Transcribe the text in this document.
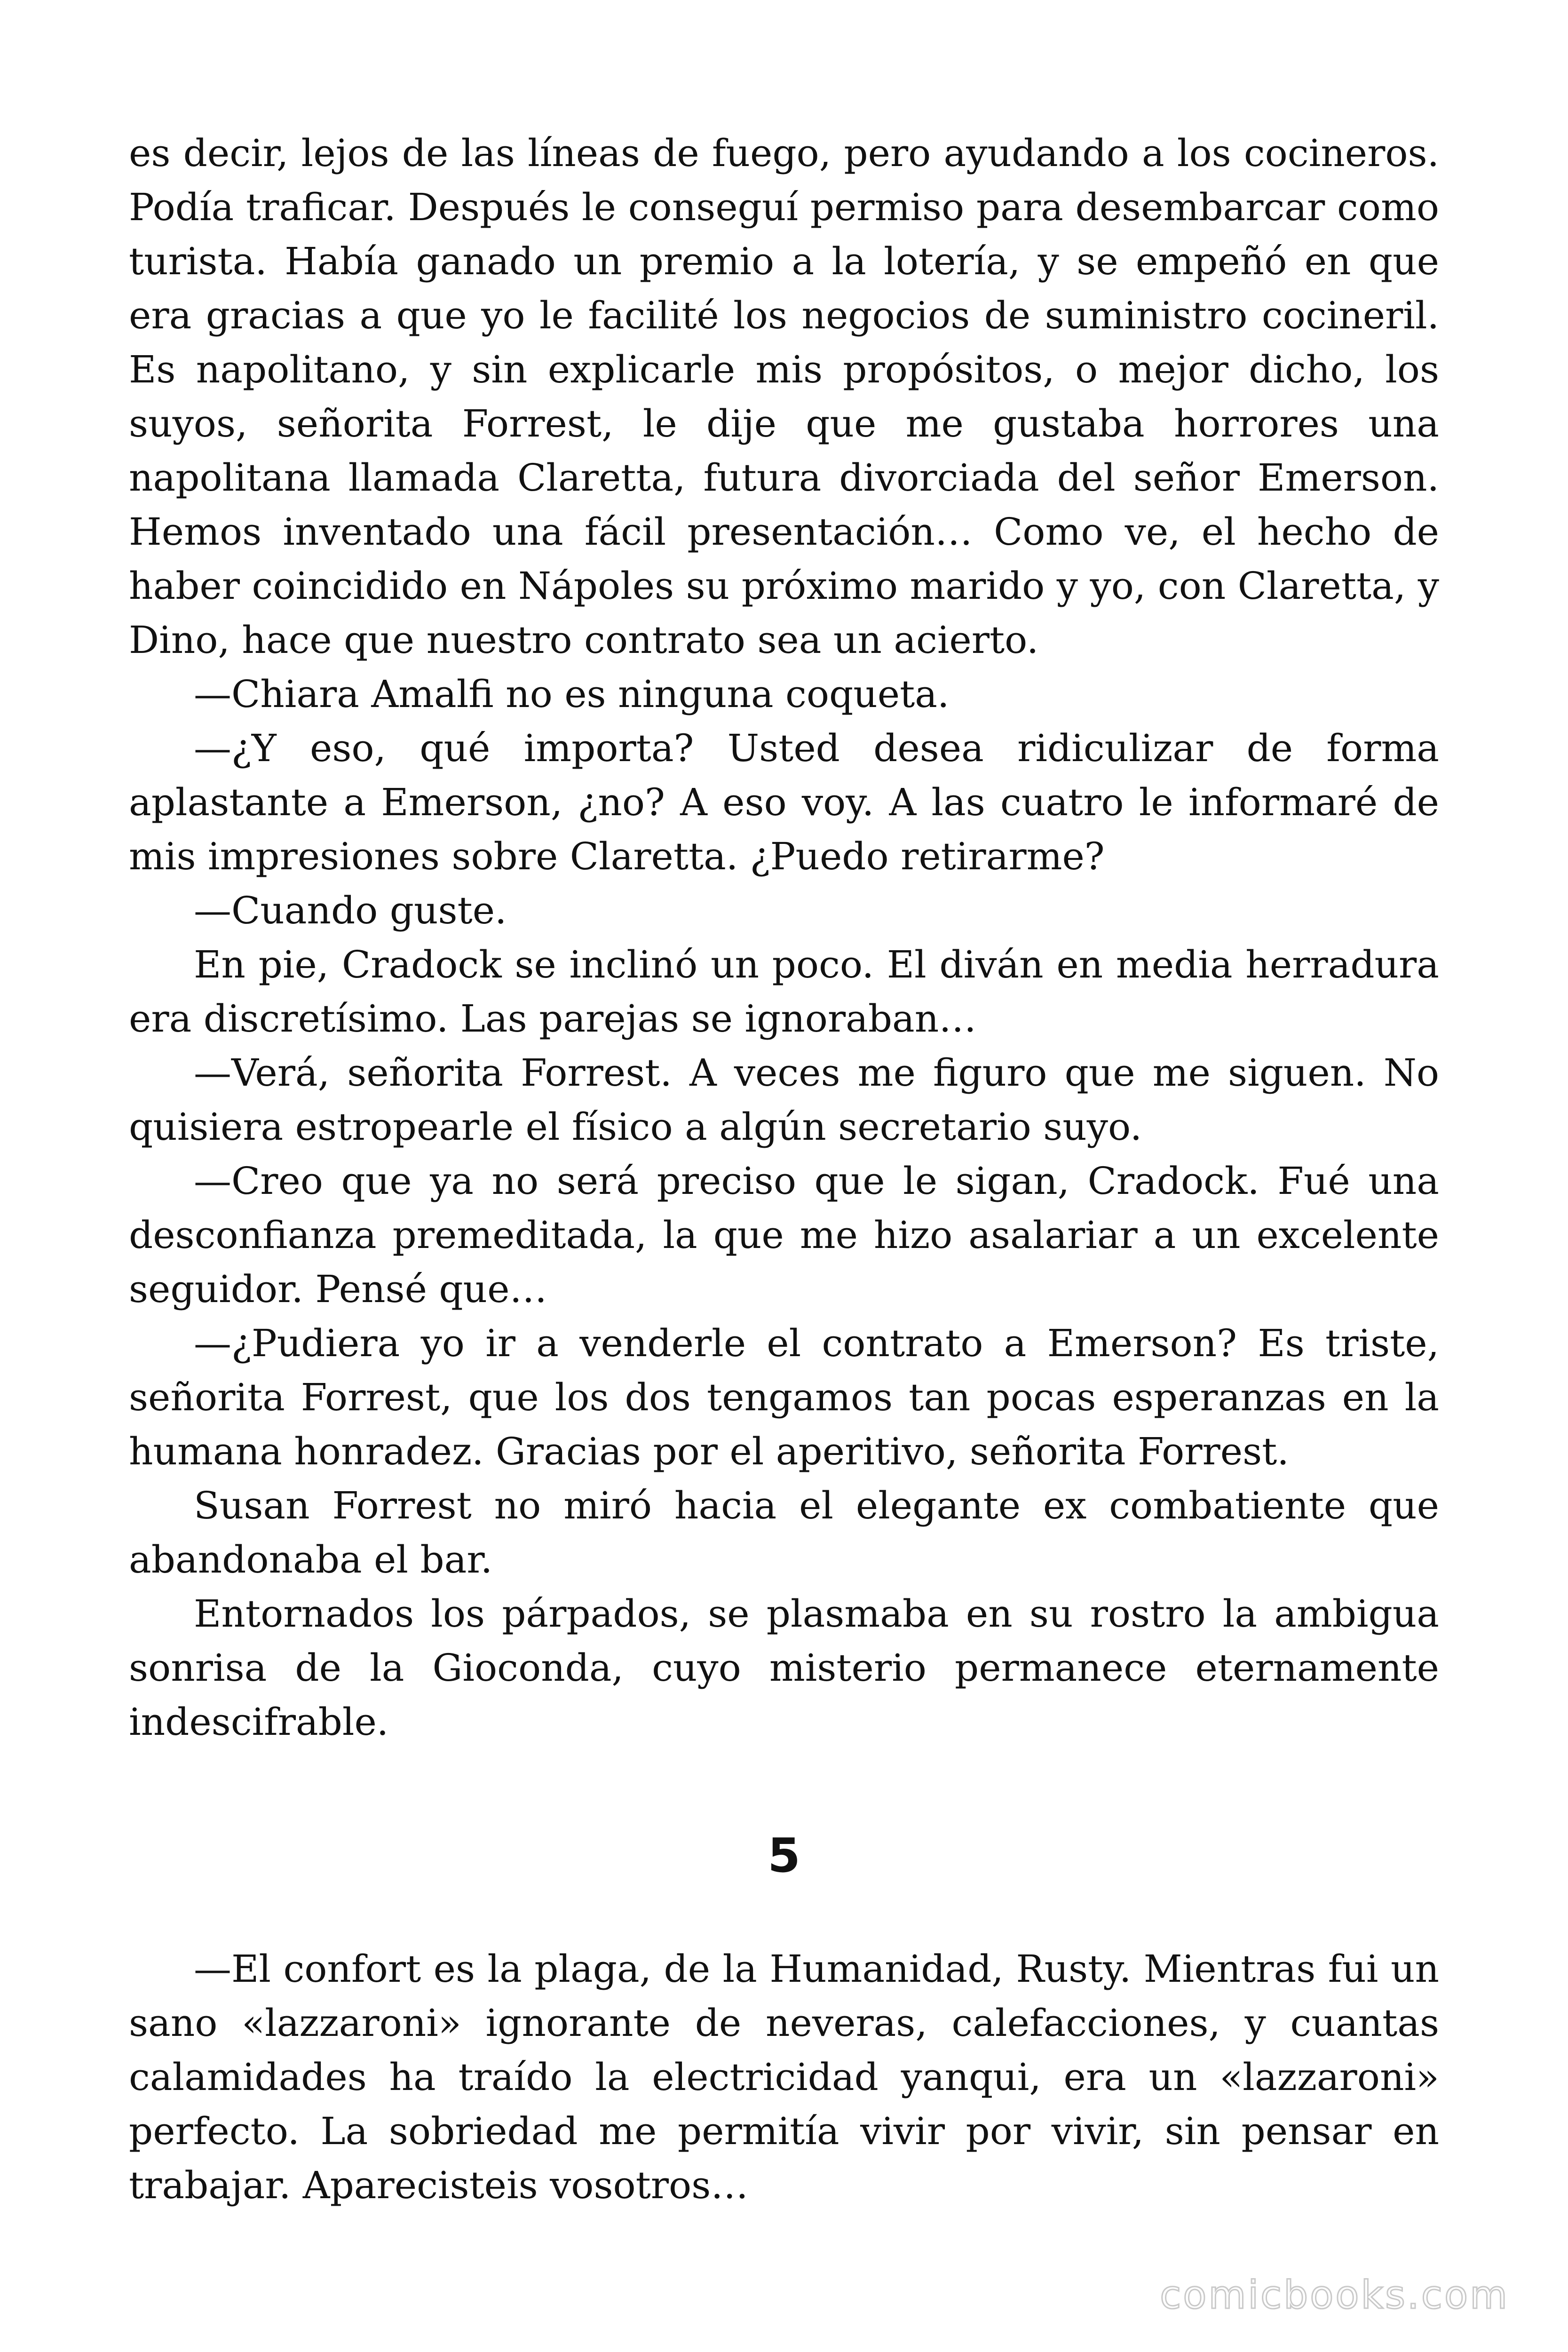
es decir, lejos de las líneas de fuego, pero ayudando a los cocineros. Podía traficar. Después le conseguí permiso para desembarcar como turista. Había ganado un premio a la lotería, y se empeñó en que era gracias a que yo le facilité los negocios de suministro cocineril. Es napolitano, y sin explicarle mis propósitos, o mejor dicho, los suyos, señorita Forrest, le dije que me gustaba horrores una napolitana llamada Claretta, futura divorciada del señor Emerson. Hemos inventado una fácil presentación… Como ve, el hecho de haber coincidido en Nápoles su próximo marido y yo, con Claretta, y Dino, hace que nuestro contrato sea un acierto.

—Chiara Amalfi no es ninguna coqueta.

—¿Y eso, qué importa? Usted desea ridiculizar de forma aplastante a Emerson, ¿no? A eso voy. A las cuatro le informaré de mis impresiones sobre Claretta. ¿Puedo retirarme?

—Cuando guste.

En pie, Cradock se inclinó un poco. El diván en media herradura era discretísimo. Las parejas se ignoraban…

—Verá, señorita Forrest. A veces me figuro que me siguen. No quisiera estropearle el físico a algún secretario suyo.

—Creo que ya no será preciso que le sigan, Cradock. Fué una desconfianza premeditada, la que me hizo asalariar a un excelente seguidor. Pensé que…

—¿Pudiera yo ir a venderle el contrato a Emerson? Es triste, señorita Forrest, que los dos tengamos tan pocas esperanzas en la humana honradez. Gracias por el aperitivo, señorita Forrest.

Susan Forrest no miró hacia el elegante ex combatiente que abandonaba el bar.

Entornados los párpados, se plasmaba en su rostro la ambigua sonrisa de la Gioconda, cuyo misterio permanece eternamente indescifrable.

5

—El confort es la plaga, de la Humanidad, Rusty. Mientras fui un sano «lazzaroni» ignorante de neveras, calefacciones, y cuantas calamidades ha traído la electricidad yanqui, era un «lazzaroni» perfecto. La sobriedad me permitía vivir por vivir, sin pensar en trabajar. Aparecisteis vosotros…

comicbooks.com
